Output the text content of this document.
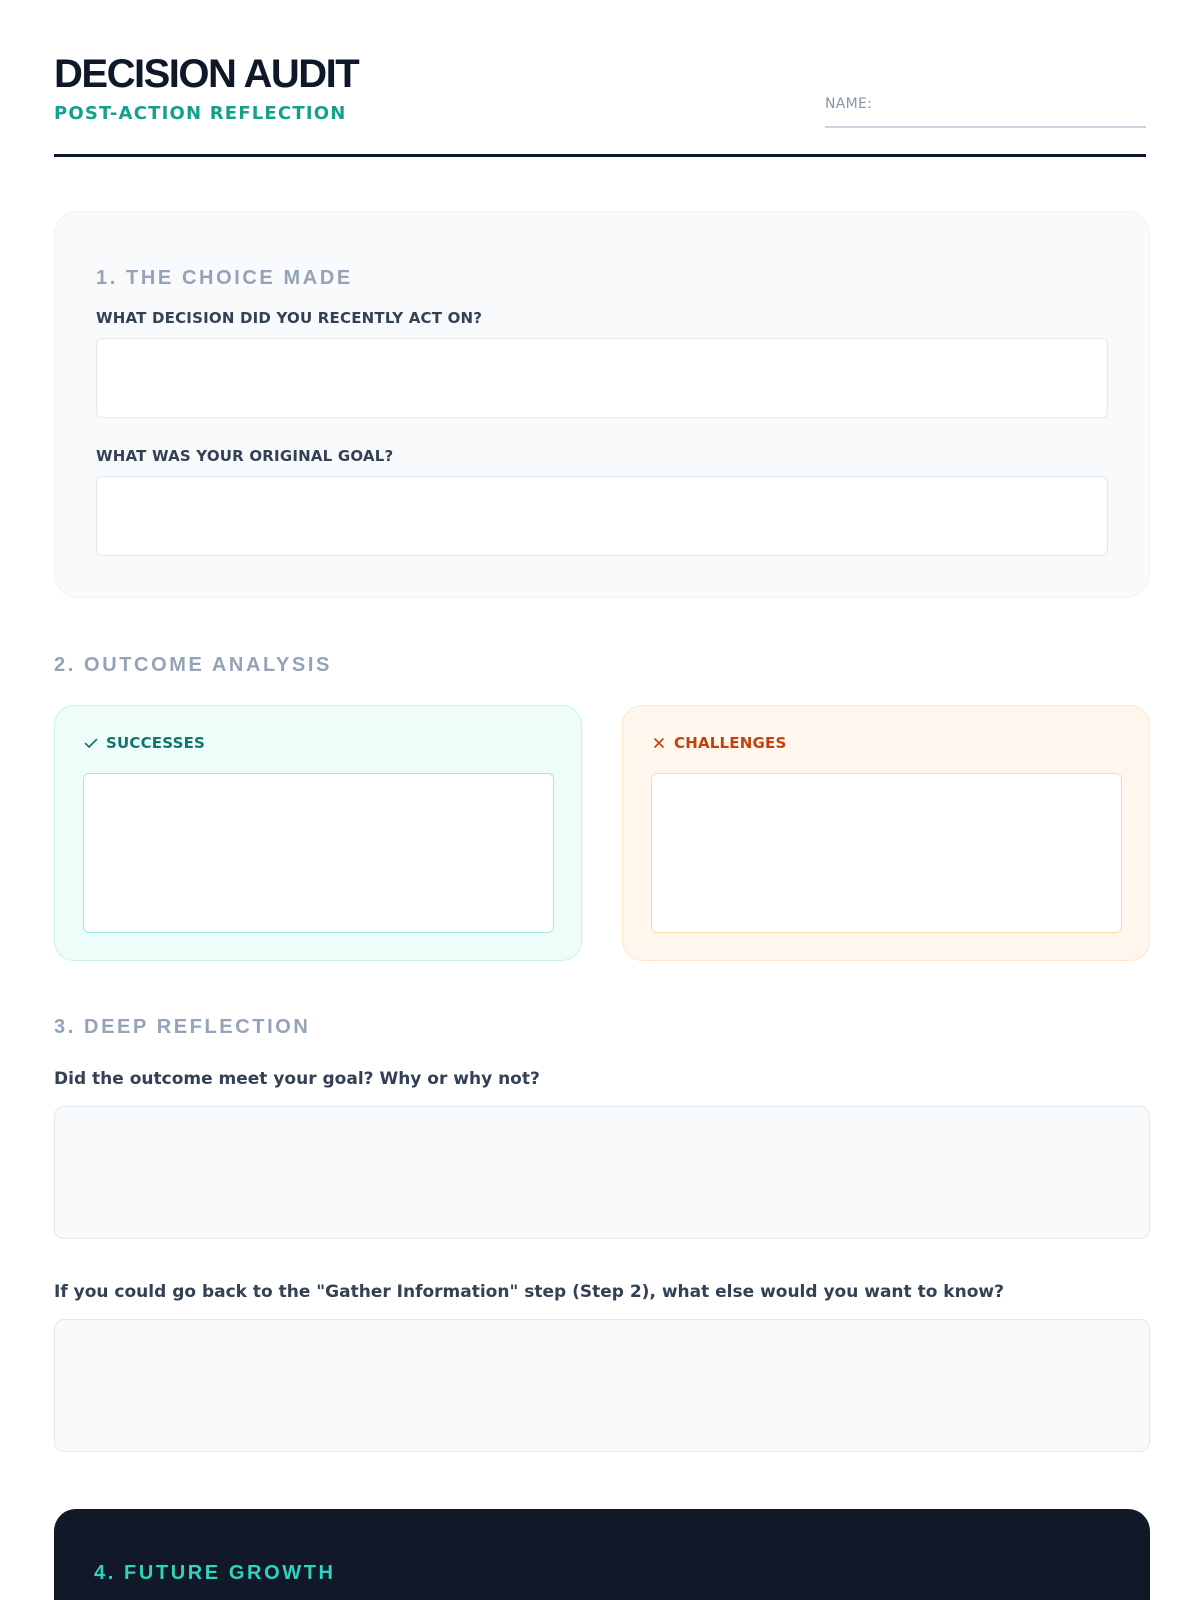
DECISION AUDIT
POST-ACTION REFLECTION	NAME:
1. THE CHOICE MADE
WHAT DECISION DID YOU RECENTLY ACT ON?
WHAT WAS YOUR ORIGINAL GOAL?
2. OUTCOME ANALYSIS
SUCCESSES	CHALLENGES
3. DEEP REFLECTION
Did the outcome meet your goal? Why or why not?
If you could go back to the "Gather Information" step (Step 2), what else would you want to know?
4. FUTURE GROWTH
